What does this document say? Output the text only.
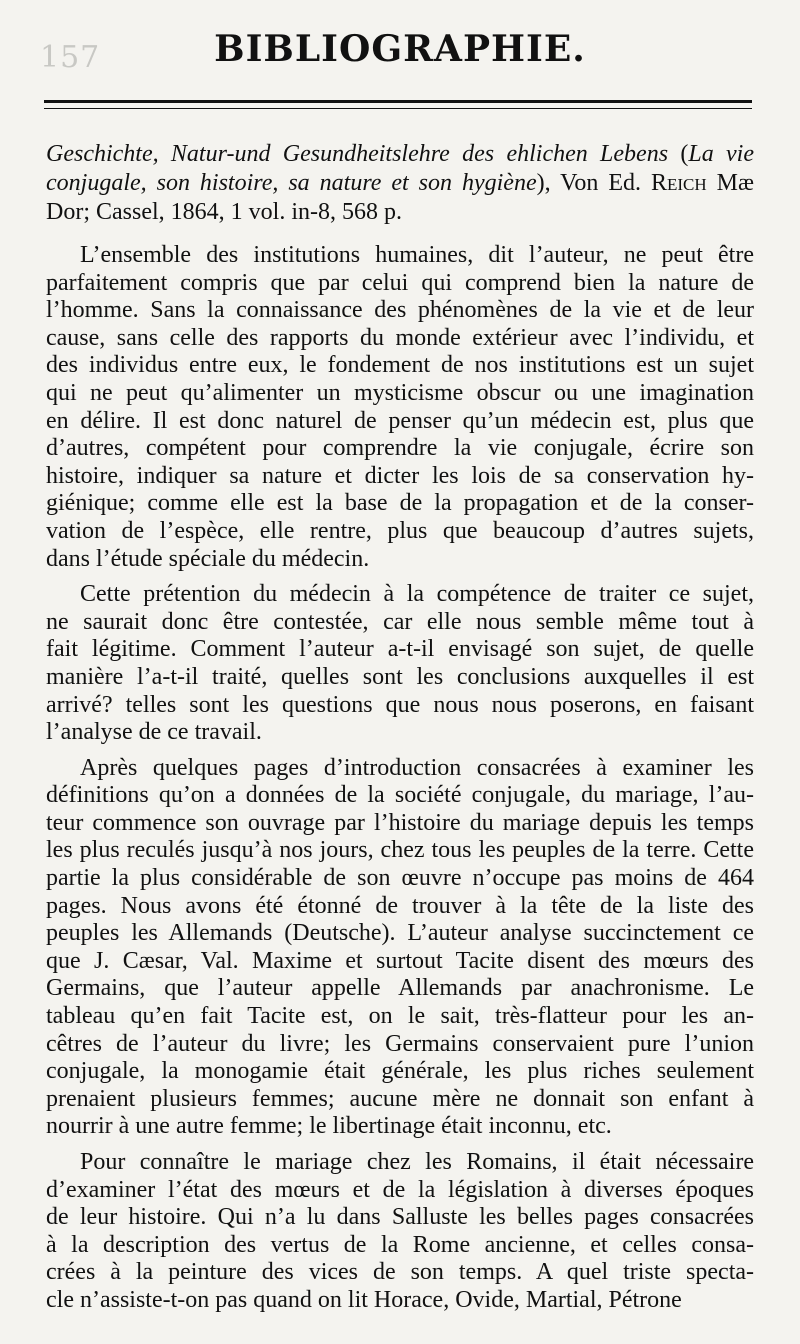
157	BIBLIOGRAPHIE.
Geschichte, Natur-und Gesundheitslehre des ehlichen Lebens (La vie conjugale, son histoire, sa nature et son hygiène), Von Ed. Reich Mæ Dor; Cassel, 1864, 1 vol. in-8, 568 p.
L’ensemble des institutions humaines, dit l’auteur, ne peut être
parfaitement compris que par celui qui comprend bien la nature de
l’homme. Sans la connaissance des phénomènes de la vie et de leur
cause, sans celle des rapports du monde extérieur avec l’individu, et
des individus entre eux, le fondement de nos institutions est un sujet
qui ne peut qu’alimenter un mysticisme obscur ou une imagination
en délire. Il est donc naturel de penser qu’un médecin est, plus que
d’autres, compétent pour comprendre la vie conjugale, écrire son
histoire, indiquer sa nature et dicter les lois de sa conservation hy-
giénique; comme elle est la base de la propagation et de la conser-
vation de l’espèce, elle rentre, plus que beaucoup d’autres sujets,
dans l’étude spéciale du médecin.
Cette prétention du médecin à la compétence de traiter ce sujet,
ne saurait donc être contestée, car elle nous semble même tout à
fait légitime. Comment l’auteur a-t-il envisagé son sujet, de quelle
manière l’a-t-il traité, quelles sont les conclusions auxquelles il est
arrivé? telles sont les questions que nous nous poserons, en faisant
l’analyse de ce travail.
Après quelques pages d’introduction consacrées à examiner les
définitions qu’on a données de la société conjugale, du mariage, l’au-
teur commence son ouvrage par l’histoire du mariage depuis les temps
les plus reculés jusqu’à nos jours, chez tous les peuples de la terre. Cette
partie la plus considérable de son œuvre n’occupe pas moins de 464
pages. Nous avons été étonné de trouver à la tête de la liste des
peuples les Allemands (Deutsche). L’auteur analyse succinctement ce
que J. Cæsar, Val. Maxime et surtout Tacite disent des mœurs des
Germains, que l’auteur appelle Allemands par anachronisme. Le
tableau qu’en fait Tacite est, on le sait, très-flatteur pour les an-
cêtres de l’auteur du livre; les Germains conservaient pure l’union
conjugale, la monogamie était générale, les plus riches seulement
prenaient plusieurs femmes; aucune mère ne donnait son enfant à
nourrir à une autre femme; le libertinage était inconnu, etc.
Pour connaître le mariage chez les Romains, il était nécessaire
d’examiner l’état des mœurs et de la législation à diverses époques
de leur histoire. Qui n’a lu dans Salluste les belles pages consacrées
à la description des vertus de la Rome ancienne, et celles consa-
crées à la peinture des vices de son temps. A quel triste specta-
cle n’assiste-t-on pas quand on lit Horace, Ovide, Martial, Pétrone
